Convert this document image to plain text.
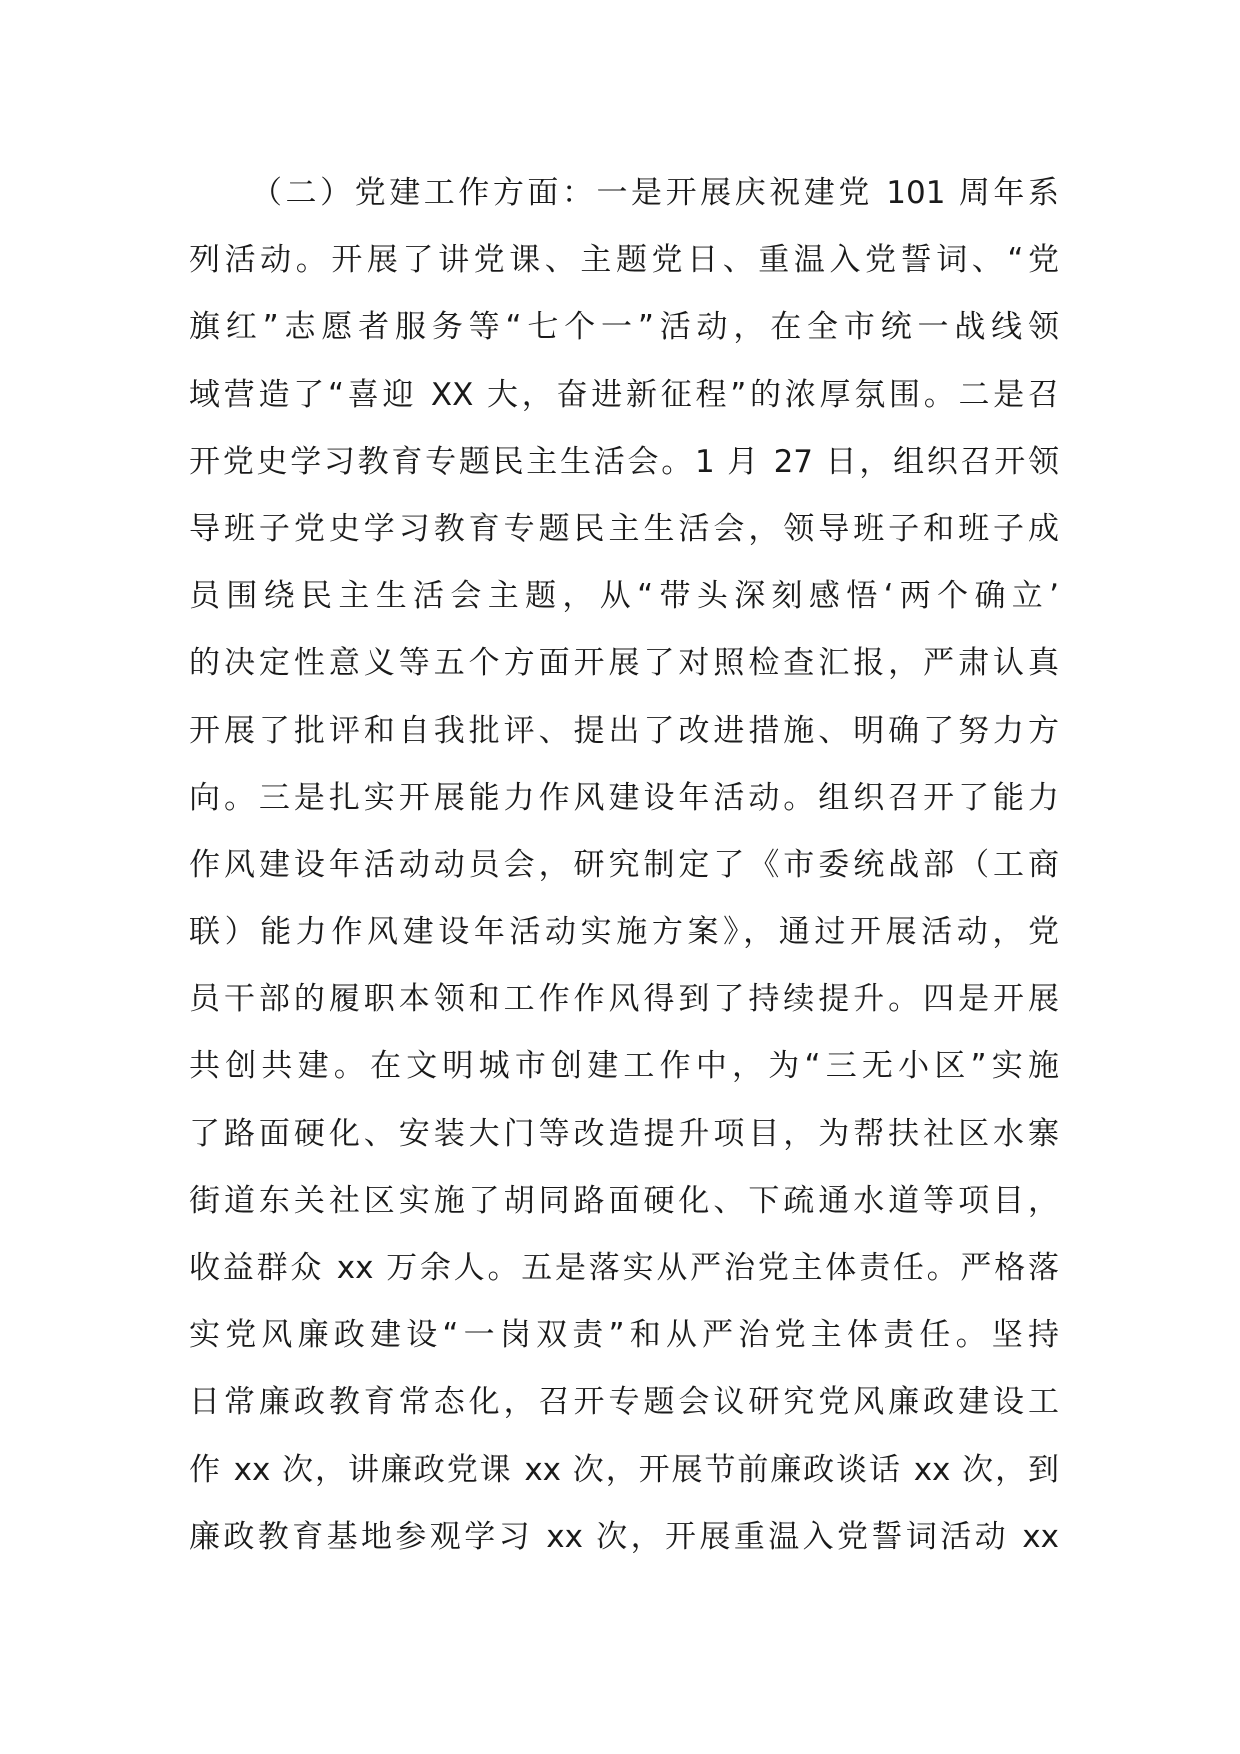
（二）党建工作方面：一是开展庆祝建党 101 周年系
列活动。开展了讲党课、主题党日、重温入党誓词、“党
旗红”志愿者服务等“七个一”活动，在全市统一战线领
域营造了“喜迎 XX 大，奋进新征程”的浓厚氛围。二是召
开党史学习教育专题民主生活会。1 月 27 日，组织召开领
导班子党史学习教育专题民主生活会，领导班子和班子成
员围绕民主生活会主题，从“带头深刻感悟‘两个确立’
的决定性意义等五个方面开展了对照检查汇报，严肃认真
开展了批评和自我批评、提出了改进措施、明确了努力方
向。三是扎实开展能力作风建设年活动。组织召开了能力
作风建设年活动动员会，研究制定了《市委统战部（工商
联）能力作风建设年活动实施方案》，通过开展活动，党
员干部的履职本领和工作作风得到了持续提升。四是开展
共创共建。在文明城市创建工作中，为“三无小区”实施
了路面硬化、安装大门等改造提升项目，为帮扶社区水寨
街道东关社区实施了胡同路面硬化、下疏通水道等项目，
收益群众 xx 万余人。五是落实从严治党主体责任。严格落
实党风廉政建设“一岗双责”和从严治党主体责任。坚持
日常廉政教育常态化，召开专题会议研究党风廉政建设工
作 xx 次，讲廉政党课 xx 次，开展节前廉政谈话 xx 次，到
廉政教育基地参观学习 xx 次，开展重温入党誓词活动 xx
